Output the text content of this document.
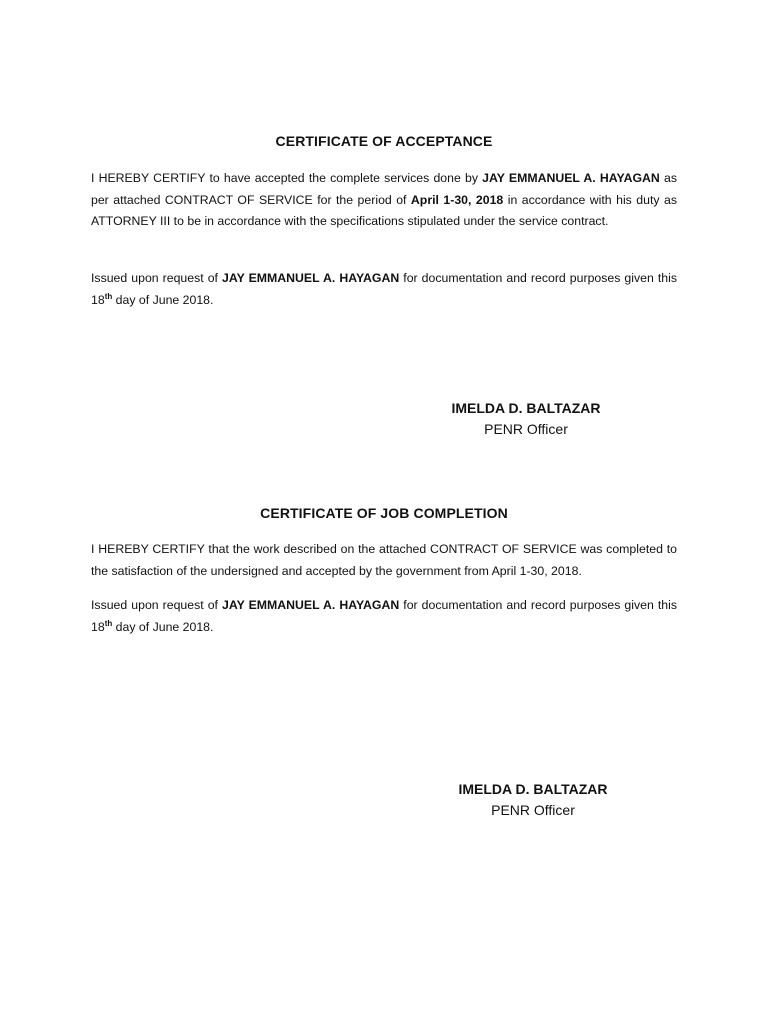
CERTIFICATE OF ACCEPTANCE
I HEREBY CERTIFY to have accepted the complete services done by JAY EMMANUEL A. HAYAGAN as per attached CONTRACT OF SERVICE for the period of April 1-30, 2018 in accordance with his duty as ATTORNEY III to be in accordance with the specifications stipulated under the service contract.
Issued upon request of JAY EMMANUEL A. HAYAGAN for documentation and record purposes given this 18th day of June 2018.
IMELDA D. BALTAZAR
PENR Officer
CERTIFICATE OF JOB COMPLETION
I HEREBY CERTIFY that the work described on the attached CONTRACT OF SERVICE was completed to the satisfaction of the undersigned and accepted by the government from April 1-30, 2018.
Issued upon request of JAY EMMANUEL A. HAYAGAN for documentation and record purposes given this 18th day of June 2018.
IMELDA D. BALTAZAR
PENR Officer
